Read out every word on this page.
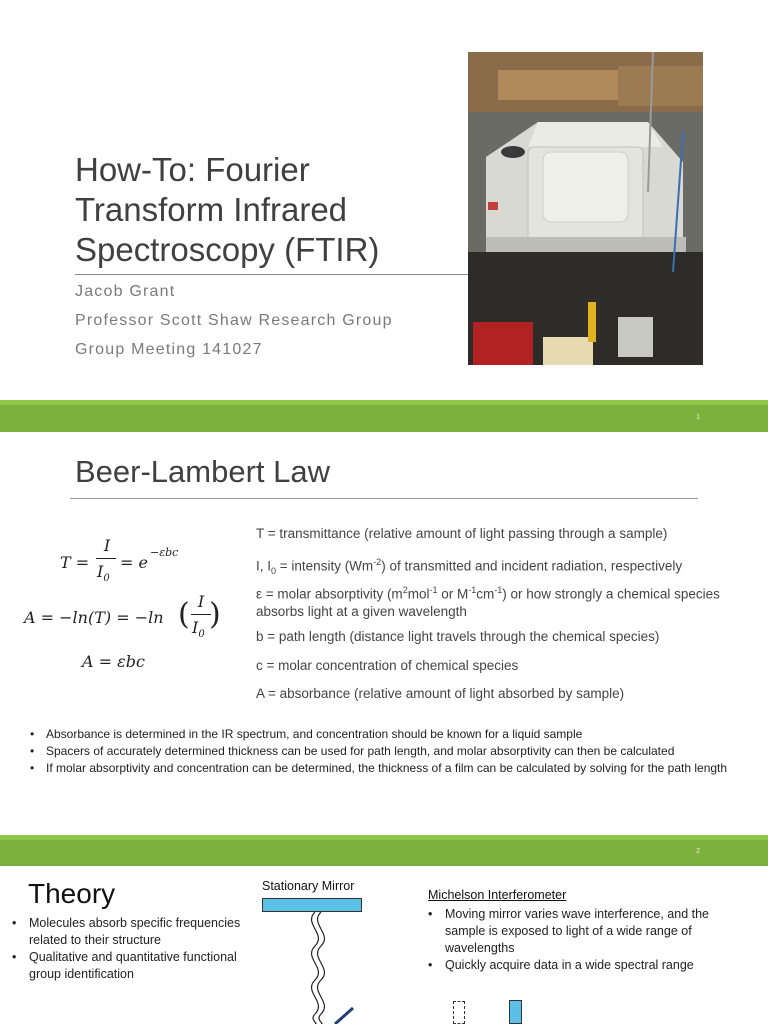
How-To: Fourier
Transform Infrared
Spectroscopy (FTIR)
Jacob Grant
Professor Scott Shaw Research Group
Group Meeting 141027
1
Beer-Lambert Law
T =
I
$I_0$
= e
−εbc
A = −ln(T) = −ln ( I
$I_0$
)
A = εbc
T = transmittance (relative amount of light passing through a sample)
I, $I_0$ = intensity $(Wm^{-2})$ of transmitted and incident radiation, respectively
ε = molar absorptivity ($m^2mol^{-1}$ or $M^{-1}cm^{-1}$) or how strongly a chemical species absorbs light at a given wavelength
b = path length (distance light travels through the chemical species)
c = molar concentration of chemical species
A = absorbance (relative amount of light absorbed by sample)
• Absorbance is determined in the IR spectrum, and concentration should be known for a liquid sample
• Spacers of accurately determined thickness can be used for path length, and molar absorptivity can then be calculated
• If molar absorptivity and concentration can be determined, the thickness of a film can be calculated by solving for the path length
2
Theory
• Molecules absorb specific frequencies related to their structure
• Qualitative and quantitative functional group identification
Stationary Mirror
Michelson Interferometer
• Moving mirror varies wave interference, and the sample is exposed to light of a wide range of wavelengths
• Quickly acquire data in a wide spectral range
